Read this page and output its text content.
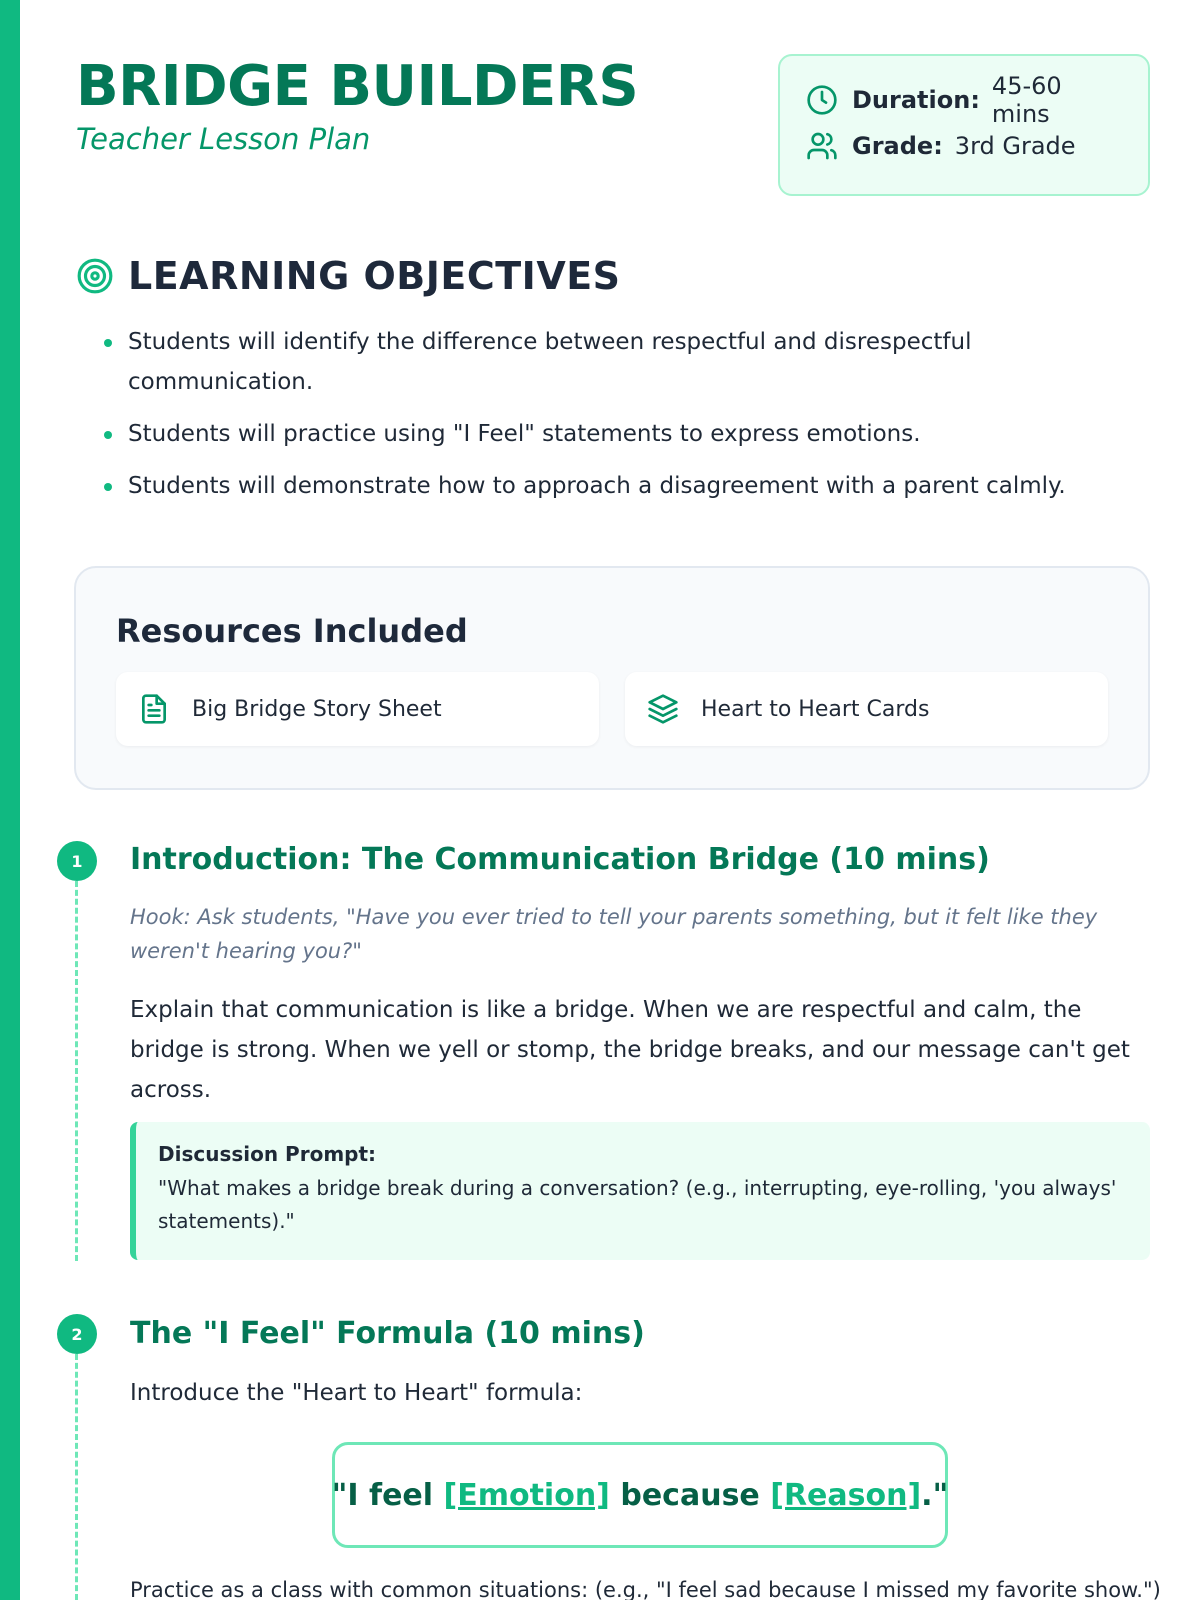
BRIDGE BUILDERS
Teacher Lesson Plan
Duration: 45-60 mins
Grade: 3rd Grade
LEARNING OBJECTIVES
Students will identify the difference between respectful and disrespectful communication.
Students will practice using "I Feel" statements to express emotions.
Students will demonstrate how to approach a disagreement with a parent calmly.
Resources Included
Big Bridge Story Sheet	Heart to Heart Cards
1	Introduction: The Communication Bridge (10 mins)
Hook: Ask students, "Have you ever tried to tell your parents something, but it felt like they weren't hearing you?"
Explain that communication is like a bridge. When we are respectful and calm, the bridge is strong. When we yell or stomp, the bridge breaks, and our message can't get across.
Discussion Prompt:
"What makes a bridge break during a conversation? (e.g., interrupting, eye-rolling, 'you always' statements)."
2	The "I Feel" Formula (10 mins)
Introduce the "Heart to Heart" formula:
"I feel
[Emotion]
because
[Reason] ."
Practice as a class with common situations: (e.g., "I feel sad because I missed my favorite show.")
